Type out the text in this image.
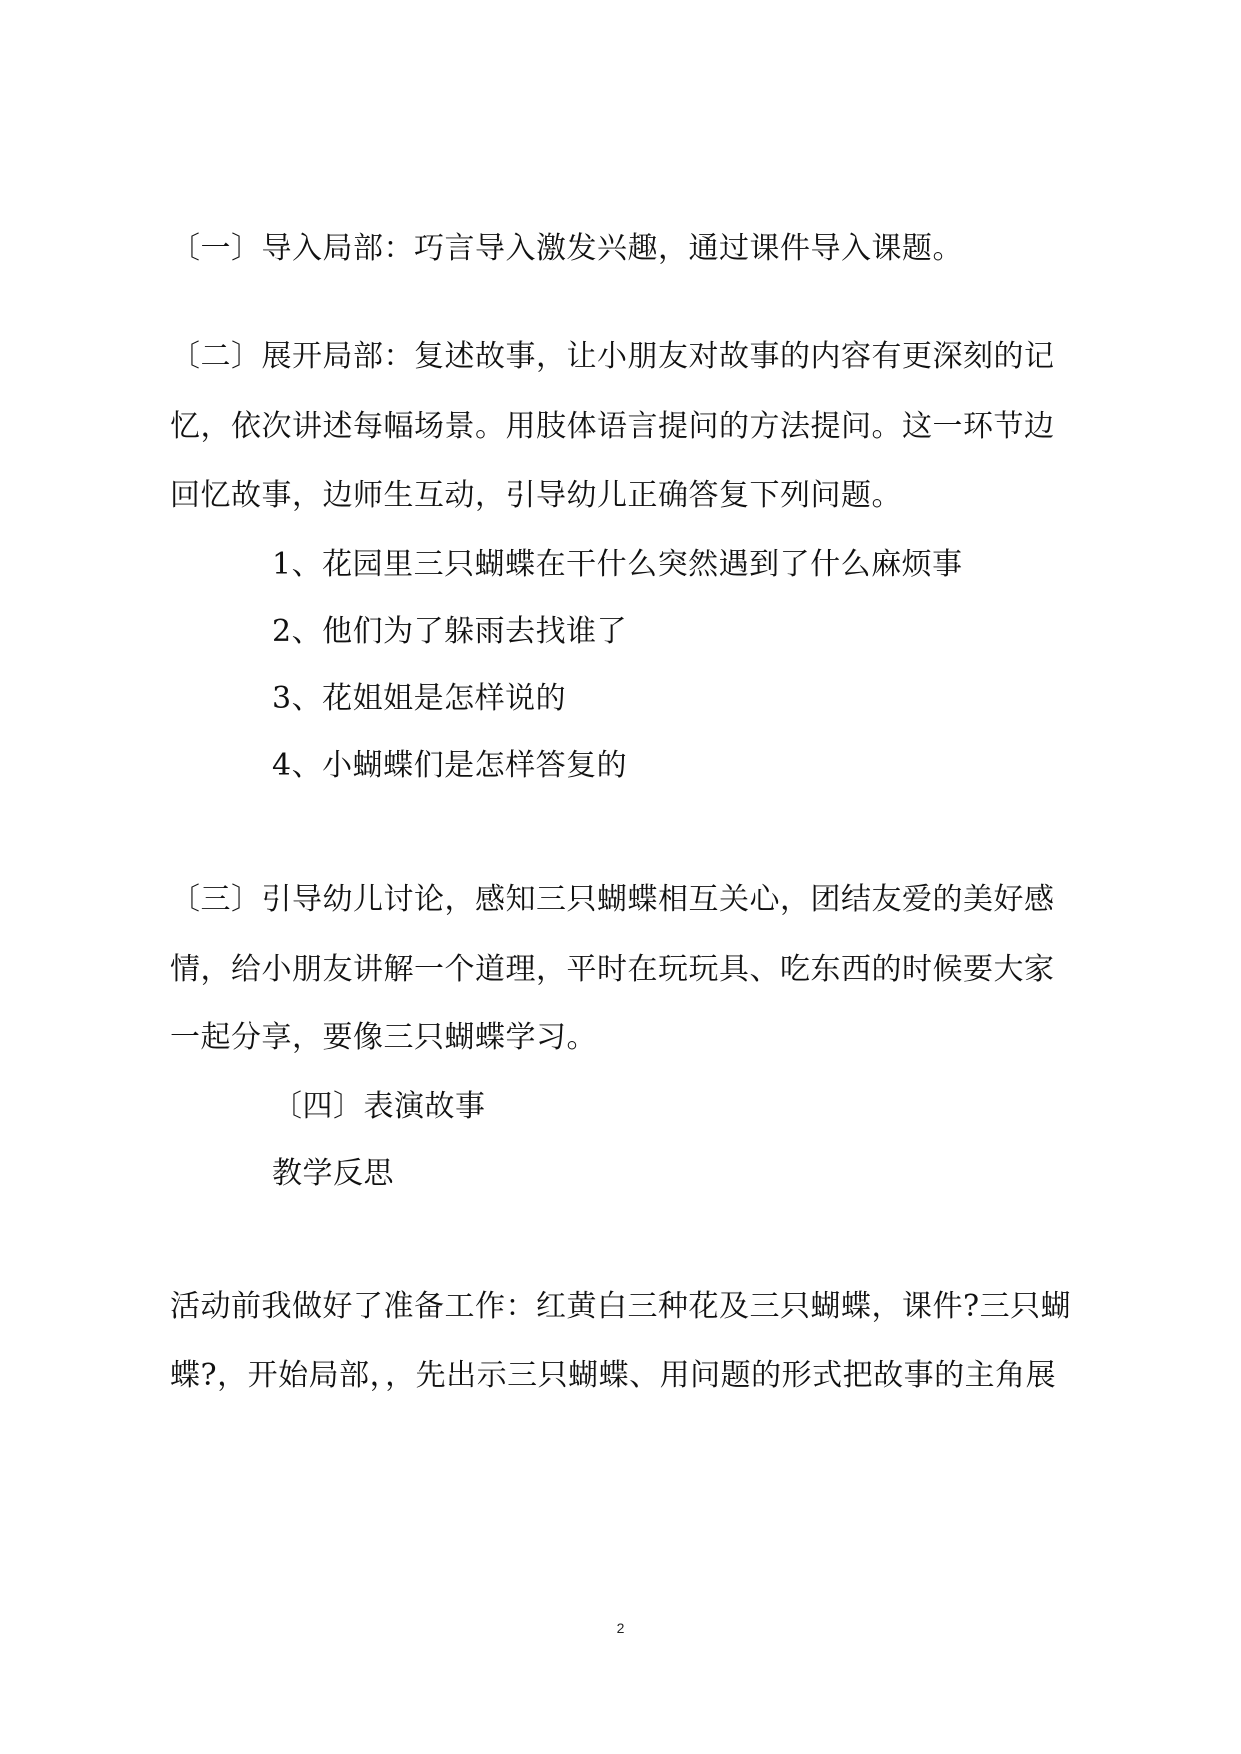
〔一〕导入局部：巧言导入激发兴趣，通过课件导入课题。
〔二〕展开局部：复述故事，让小朋友对故事的内容有更深刻的记
忆，依次讲述每幅场景。用肢体语言提问的方法提问。这一环节边
回忆故事，边师生互动，引导幼儿正确答复下列问题。
1、花园里三只蝴蝶在干什么突然遇到了什么麻烦事
2、他们为了躲雨去找谁了
3、花姐姐是怎样说的
4、小蝴蝶们是怎样答复的
〔三〕引导幼儿讨论，感知三只蝴蝶相互关心，团结友爱的美好感
情，给小朋友讲解一个道理，平时在玩玩具、吃东西的时候要大家
一起分享，要像三只蝴蝶学习。
〔四〕表演故事
教学反思
活动前我做好了准备工作：红黄白三种花及三只蝴蝶，课件?三只蝴
蝶?，开始局部，，先出示三只蝴蝶、用问题的形式把故事的主角展
2
